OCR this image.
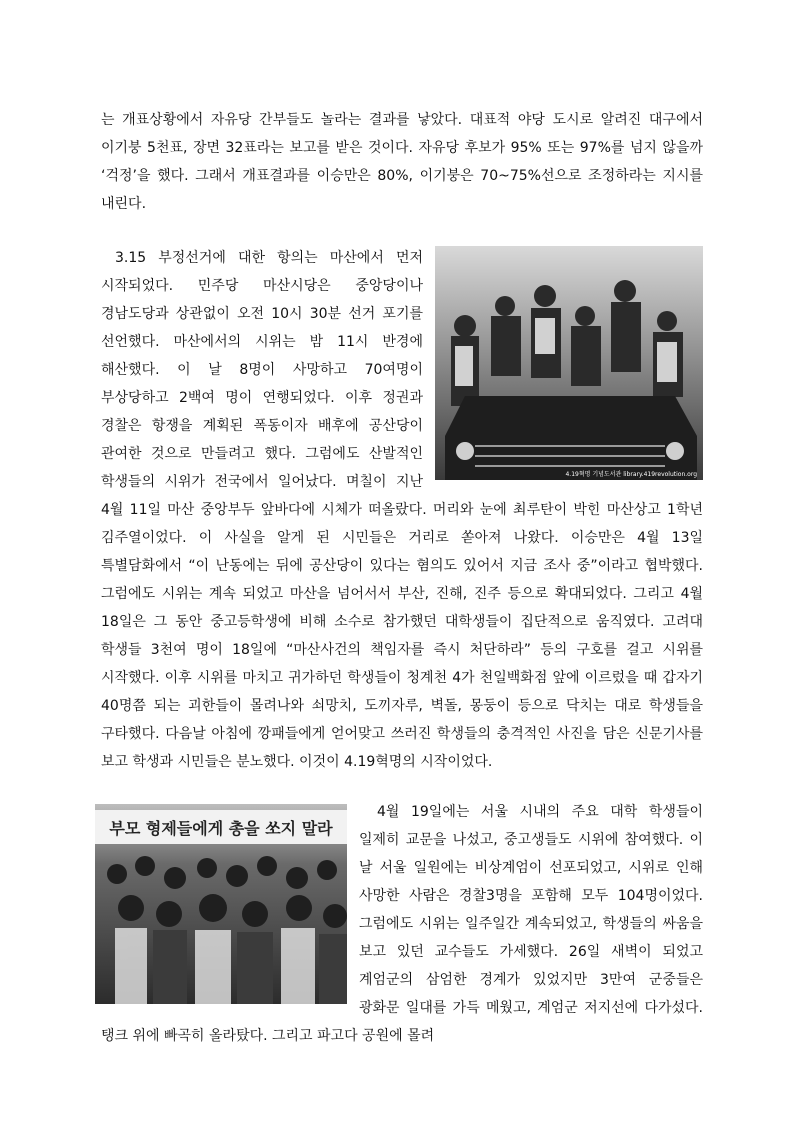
는 개표상황에서 자유당 간부들도 놀라는 결과를 낳았다. 대표적 야당 도시로 알려진 대구에서 이기붕 5천표, 장면 32표라는 보고를 받은 것이다. 자유당 후보가 95% 또는 97%를 넘지 않을까 ‘걱정’을 했다. 그래서 개표결과를 이승만은 80%, 이기붕은 70~75%선으로 조정하라는 지시를 내린다.

4.19혁명 기념도서관 library.419revolution.org
3.15 부정선거에 대한 항의는 마산에서 먼저 시작되었다. 민주당 마산시당은 중앙당이나 경남도당과 상관없이 오전 10시 30분 선거 포기를 선언했다. 마산에서의 시위는 밤 11시 반경에 해산했다. 이 날 8명이 사망하고 70여명이 부상당하고 2백여 명이 연행되었다. 이후 정권과 경찰은 항쟁을 계획된 폭동이자 배후에 공산당이 관여한 것으로 만들려고 했다. 그럼에도 산발적인 학생들의 시위가 전국에서 일어났다. 며칠이 지난 4월 11일 마산 중앙부두 앞바다에 시체가 떠올랐다. 머리와 눈에 최루탄이 박힌 마산상고 1학년 김주열이었다. 이 사실을 알게 된 시민들은 거리로 쏟아져 나왔다. 이승만은 4월 13일 특별담화에서 “이 난동에는 뒤에 공산당이 있다는 혐의도 있어서 지금 조사 중”이라고 협박했다. 그럼에도 시위는 계속 되었고 마산을 넘어서서 부산, 진해, 진주 등으로 확대되었다. 그리고 4월 18일은 그 동안 중고등학생에 비해 소수로 참가했던 대학생들이 집단적으로 움직였다. 고려대 학생들 3천여 명이 18일에 “마산사건의 책임자를 즉시 처단하라” 등의 구호를 걸고 시위를 시작했다. 이후 시위를 마치고 귀가하던 학생들이 청계천 4가 천일백화점 앞에 이르렀을 때 갑자기 40명쯤 되는 괴한들이 몰려나와 쇠망치, 도끼자루, 벽돌, 몽둥이 등으로 닥치는 대로 학생들을 구타했다. 다음날 아침에 깡패들에게 얻어맞고 쓰러진 학생들의 충격적인 사진을 담은 신문기사를 보고 학생과 시민들은 분노했다. 이것이 4.19혁명의 시작이었다.
부모 형제들에게 총을 쏘지 말라
4월 19일에는 서울 시내의 주요 대학 학생들이 일제히 교문을 나섰고, 중고생들도 시위에 참여했다. 이 날 서울 일원에는 비상계엄이 선포되었고, 시위로 인해 사망한 사람은 경찰3명을 포함해 모두 104명이었다. 그럼에도 시위는 일주일간 계속되었고, 학생들의 싸움을 보고 있던 교수들도 가세했다. 26일 새벽이 되었고 계엄군의 삼엄한 경계가 있었지만 3만여 군중들은 광화문 일대를 가득 메웠고, 계엄군 저지선에 다가섰다. 탱크 위에 빠곡히 올라탔다. 그리고 파고다 공원에 몰려
